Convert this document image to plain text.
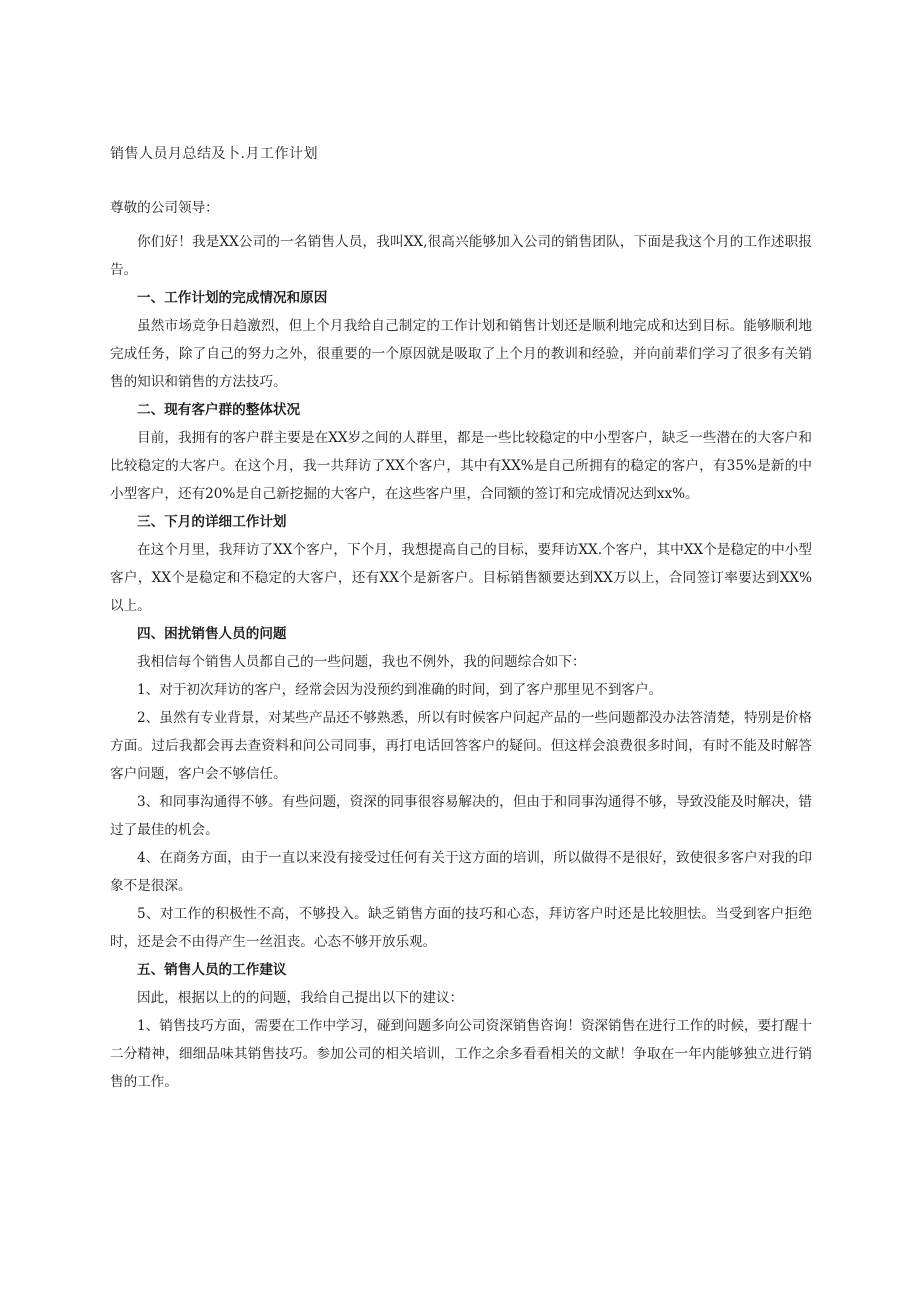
销售人员月总结及卜.月工作计划

尊敬的公司领导：

你们好！我是XX公司的一名销售人员，我叫XX,很高兴能够加入公司的销售团队，下面是我这个月的工作述职报告。

一、工作计划的完成情况和原因

虽然市场竞争日趋激烈，但上个月我给自己制定的工作计划和销售计划还是顺利地完成和达到目标。能够顺利地完成任务，除了自己的努力之外，很重要的一个原因就是吸取了上个月的教训和经验，并向前辈们学习了很多有关销售的知识和销售的方法技巧。

二、现有客户群的整体状况

目前，我拥有的客户群主要是在XX岁之间的人群里，都是一些比较稳定的中小型客户，缺乏一些潜在的大客户和比较稳定的大客户。在这个月，我一共拜访了XX个客户，其中有XX%是自己所拥有的稳定的客户，有35%是新的中小型客户，还有20%是自己新挖掘的大客户，在这些客户里，合同额的签订和完成情况达到xx%。

三、下月的详细工作计划

在这个月里，我拜访了XX个客户，下个月，我想提高自己的目标，要拜访XX.个客户，其中XX个是稳定的中小型客户，XX个是稳定和不稳定的大客户，还有XX个是新客户。目标销售额要达到XX万以上，合同签订率要达到XX%以上。

四、困扰销售人员的问题

我相信每个销售人员都自己的一些问题，我也不例外，我的问题综合如下：

1、对于初次拜访的客户，经常会因为没预约到准确的时间，到了客户那里见不到客户。

2、虽然有专业背景，对某些产品还不够熟悉，所以有时候客户问起产品的一些问题都没办法答清楚，特别是价格方面。过后我都会再去查资料和问公司同事，再打电话回答客户的疑问。但这样会浪费很多时间，有时不能及时解答客户问题，客户会不够信任。

3、和同事沟通得不够。有些问题，资深的同事很容易解决的，但由于和同事沟通得不够，导致没能及时解决，错过了最佳的机会。

4、在商务方面，由于一直以来没有接受过任何有关于这方面的培训，所以做得不是很好，致使很多客户对我的印象不是很深。

5、对工作的积极性不高，不够投入。缺乏销售方面的技巧和心态，拜访客户时还是比较胆怯。当受到客户拒绝时，还是会不由得产生一丝沮丧。心态不够开放乐观。

五、销售人员的工作建议

因此，根据以上的的问题，我给自己提出以下的建议：

1、销售技巧方面，需要在工作中学习，碰到问题多向公司资深销售咨询！资深销售在进行工作的时候，要打醒十二分精神，细细品味其销售技巧。参加公司的相关培训，工作之余多看看相关的文献！争取在一年内能够独立进行销售的工作。
